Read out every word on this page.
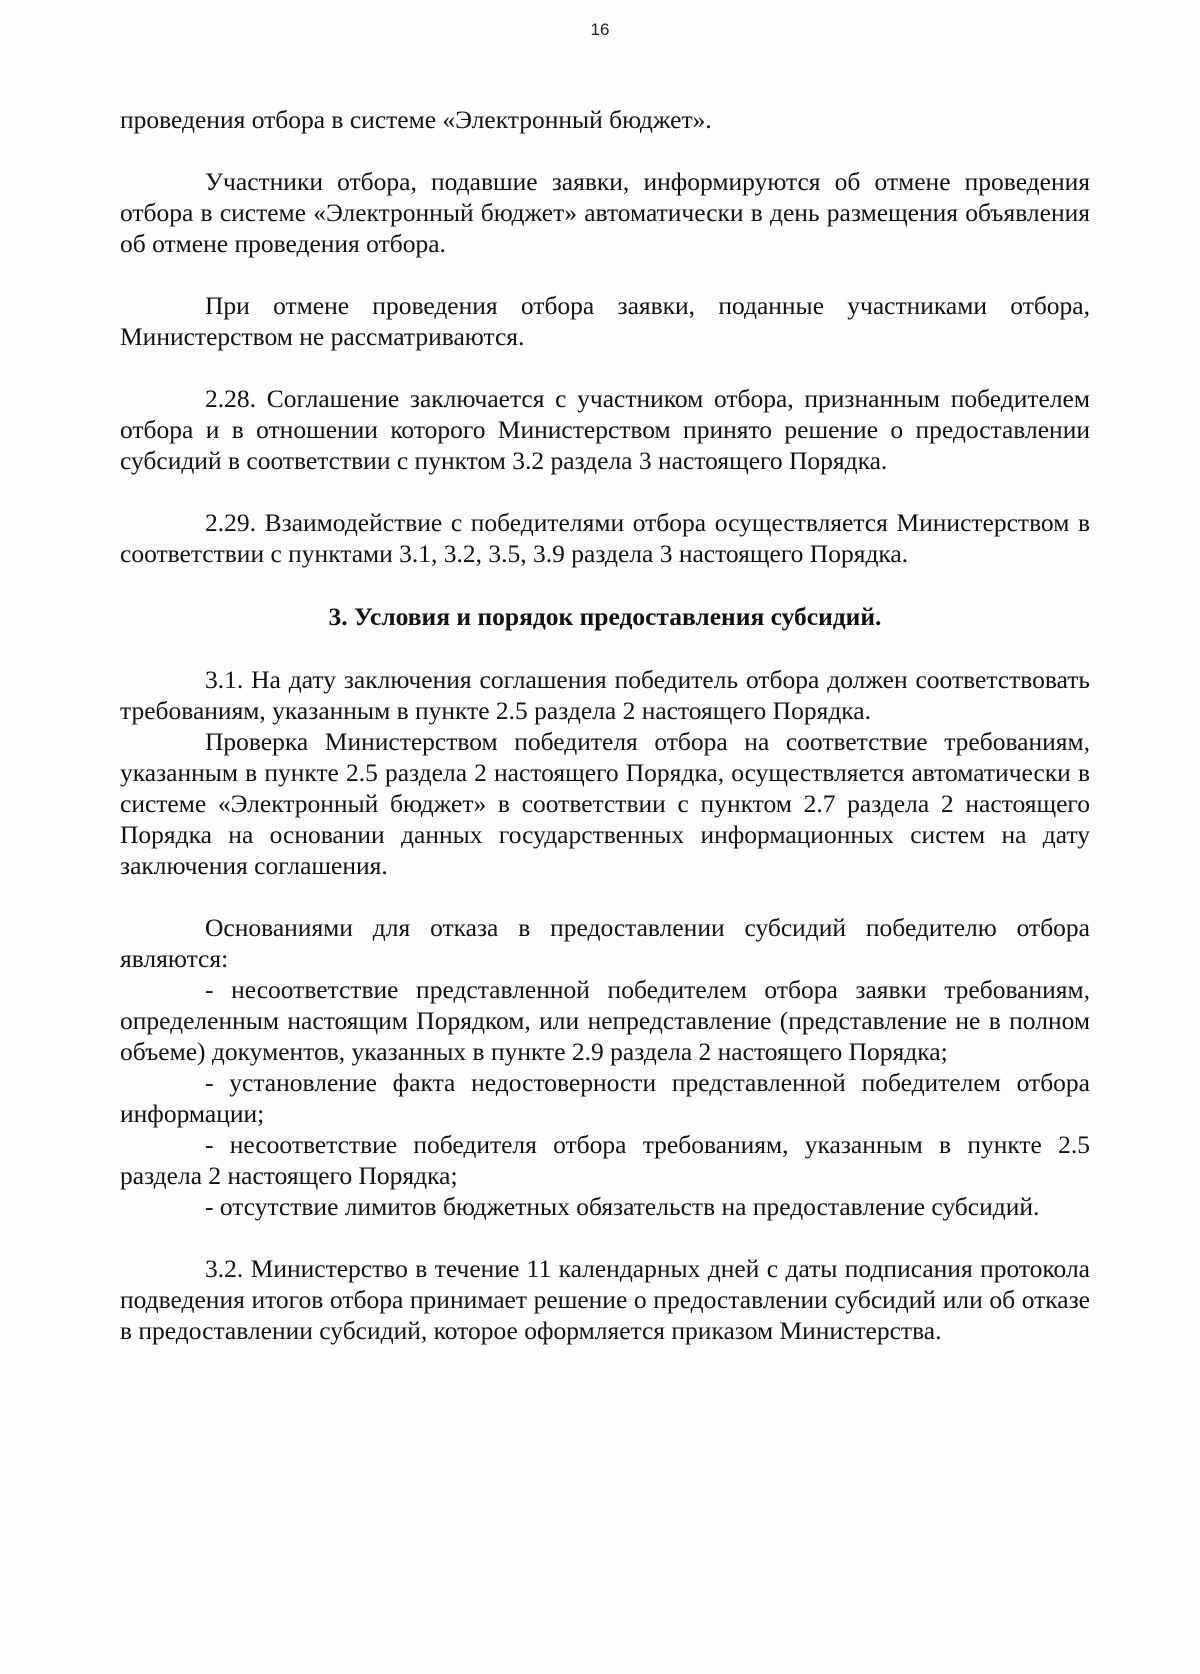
16

проведения отбора в системе «Электронный бюджет».

Участники отбора, подавшие заявки, информируются об отмене проведения отбора в системе «Электронный бюджет» автоматически в день размещения объявления об отмене проведения отбора.

При отмене проведения отбора заявки, поданные участниками отбора, Министерством не рассматриваются.

2.28. Соглашение заключается с участником отбора, признанным победителем отбора и в отношении которого Министерством принято решение о предоставлении субсидий в соответствии с пунктом 3.2 раздела 3 настоящего Порядка.

2.29. Взаимодействие с победителями отбора осуществляется Министерством в соответствии с пунктами 3.1, 3.2, 3.5, 3.9 раздела 3 настоящего Порядка.

3. Условия и порядок предоставления субсидий.

3.1. На дату заключения соглашения победитель отбора должен соответствовать требованиям, указанным в пункте 2.5 раздела 2 настоящего Порядка.

Проверка Министерством победителя отбора на соответствие требованиям, указанным в пункте 2.5 раздела 2 настоящего Порядка, осуществляется автоматически в системе «Электронный бюджет» в соответствии с пунктом 2.7 раздела 2 настоящего Порядка на основании данных государственных информационных систем на дату заключения соглашения.

Основаниями для отказа в предоставлении субсидий победителю отбора являются:

- несоответствие представленной победителем отбора заявки требованиям, определенным настоящим Порядком, или непредставление (представление не в полном объеме) документов, указанных в пункте 2.9 раздела 2 настоящего Порядка;

- установление факта недостоверности представленной победителем отбора информации;

- несоответствие победителя отбора требованиям, указанным в пункте 2.5 раздела 2 настоящего Порядка;

- отсутствие лимитов бюджетных обязательств на предоставление субсидий.

3.2. Министерство в течение 11 календарных дней с даты подписания протокола подведения итогов отбора принимает решение о предоставлении субсидий или об отказе в предоставлении субсидий, которое оформляется приказом Министерства.
